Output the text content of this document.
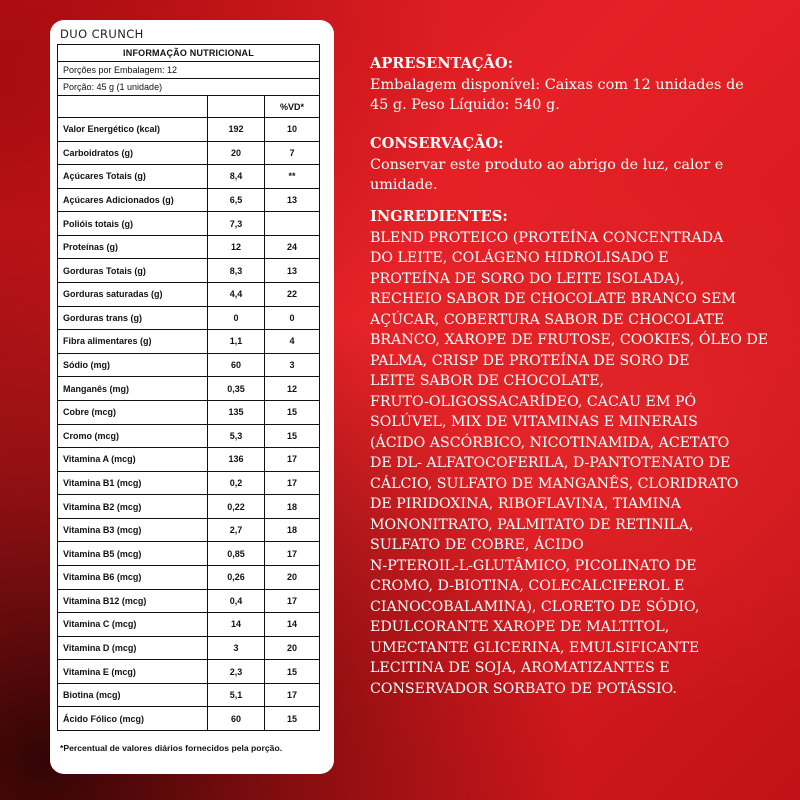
DUO CRUNCH
INFORMAÇÃO NUTRICIONAL		
Porções por Embalagem: 12		
Porção: 45 g (1 unidade)		
		%VD*
Valor Energético (kcal)	192	10
Carboidratos (g)	20	7
Açúcares Totais (g)	8,4	**
Açúcares Adicionados (g)	6,5	13
Polióis totais (g)	7,3	
Proteínas (g)	12	24
Gorduras Totais (g)	8,3	13
Gorduras saturadas (g)	4,4	22
Gorduras trans (g)	0	0
Fibra alimentares (g)	1,1	4
Sódio (mg)	60	3
Manganês (mg)	0,35	12
Cobre (mcg)	135	15
Cromo (mcg)	5,3	15
Vitamina A (mcg)	136	17
Vitamina B1 (mcg)	0,2	17
Vitamina B2 (mcg)	0,22	18
Vitamina B3 (mcg)	2,7	18
Vitamina B5 (mcg)	0,85	17
Vitamina B6 (mcg)	0,26	20
Vitamina B12 (mcg)	0,4	17
Vitamina C (mcg)	14	14
Vitamina D (mcg)	3	20
Vitamina E (mcg)	2,3	15
Biotina (mcg)	5,1	17
Ácido Fólico (mcg)	60	15
*Percentual de valores diários fornecidos pela porção.
APRESENTAÇÃO:

Embalagem disponível: Caixas com 12 unidades de

45 g. Peso Líquido: 540 g.

CONSERVAÇÃO:

Conservar este produto ao abrigo de luz, calor e

umidade.

INGREDIENTES:

BLEND PROTEICO (PROTEÍNA CONCENTRADA

DO LEITE, COLÁGENO HIDROLISADO E

PROTEÍNA DE SORO DO LEITE ISOLADA),

RECHEIO SABOR DE CHOCOLATE BRANCO SEM

AÇÚCAR, COBERTURA SABOR DE CHOCOLATE

BRANCO, XAROPE DE FRUTOSE, COOKIES, ÓLEO DE

PALMA, CRISP DE PROTEÍNA DE SORO DE

LEITE SABOR DE CHOCOLATE,

FRUTO-OLIGOSSACARÍDEO, CACAU EM PÓ

SOLÚVEL, MIX DE VITAMINAS E MINERAIS

(ÁCIDO ASCÓRBICO, NICOTINAMIDA, ACETATO

DE DL- ALFATOCOFERILA, D-PANTOTENATO DE

CÁLCIO, SULFATO DE MANGANÊS, CLORIDRATO

DE PIRIDOXINA, RIBOFLAVINA, TIAMINA

MONONITRATO, PALMITATO DE RETINILA,

SULFATO DE COBRE, ÁCIDO

N-PTEROIL-L-GLUTÂMICO, PICOLINATO DE

CROMO, D-BIOTINA, COLECALCIFEROL E

CIANOCOBALAMINA), CLORETO DE SÓDIO,

EDULCORANTE XAROPE DE MALTITOL,

UMECTANTE GLICERINA, EMULSIFICANTE

LECITINA DE SOJA, AROMATIZANTES E

CONSERVADOR SORBATO DE POTÁSSIO.
